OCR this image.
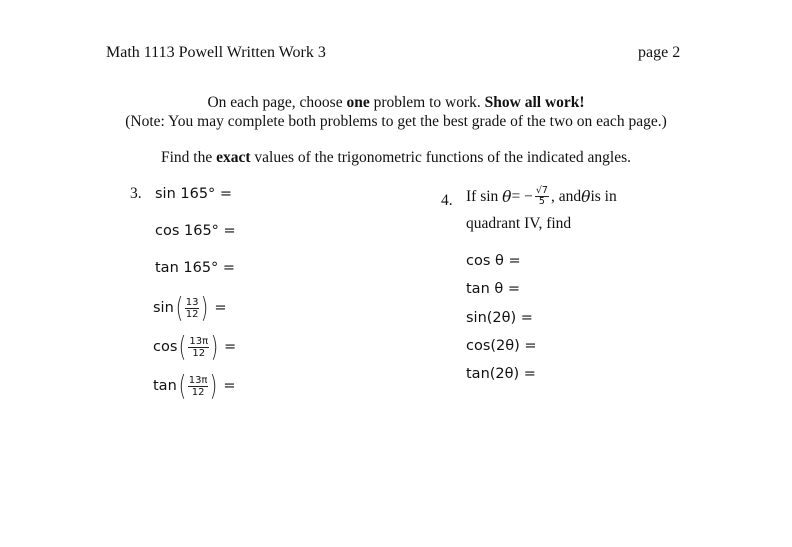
Math 1113 Powell Written Work 3	page 2
On each page, choose one problem to work. Show all work!
(Note: You may complete both problems to get the best grade of the two on each page.)
Find the exact values of the trigonometric functions of the indicated angles.
3. sin 165° =
cos 165° =
tan 165° =
sin ( $\frac{13}{12}$ ) =
cos ( $\frac{13\pi}{12}$ ) =
tan ( $\frac{13\pi}{12}$ ) =
4. If sin
θ = − $\frac{√7}{5}$ , and θ is in
quadrant IV, find
cos θ =
tan θ =
sin(2θ) =
cos(2θ) =
tan(2θ) =
